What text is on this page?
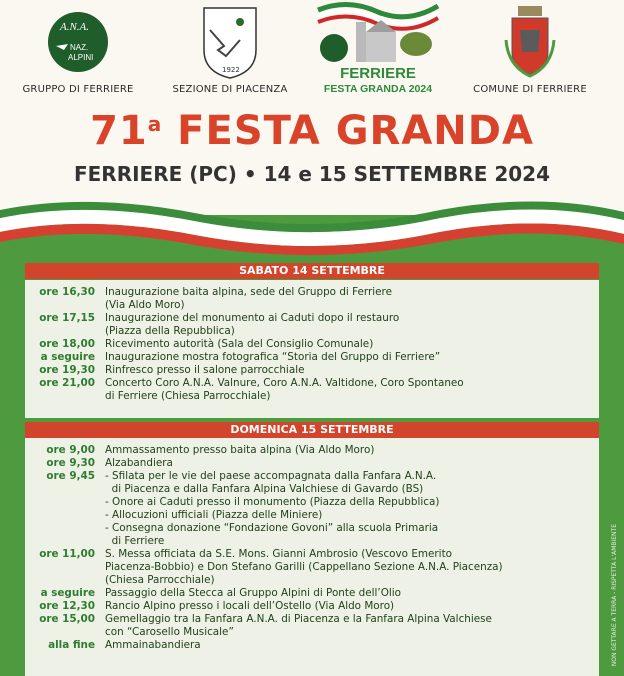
A.N.A.
NAZ.
ALPINI
GRUPPO DI FERRIERE
1922
SEZIONE DI PIACENZA
FERRIERE
FESTA GRANDA 2024	COMUNE DI FERRIERE
71$^a$ FESTA GRANDA
FERRIERE (PC) • 14 e 15 SETTEMBRE 2024
SABATO 14 SETTEMBRE
ore 16,30 Inaugurazione baita alpina, sede del Gruppo di Ferriere
(Via Aldo Moro)
ore 17,15 Inaugurazione del monumento ai Caduti dopo il restauro
(Piazza della Repubblica)
ore 18,00 Ricevimento autorità (Sala del Consiglio Comunale)
a seguire Inaugurazione mostra fotografica “Storia del Gruppo di Ferriere”
ore 19,30 Rinfresco presso il salone parrocchiale
ore 21,00 Concerto Coro A.N.A. Valnure, Coro A.N.A. Valtidone, Coro Spontaneo
di Ferriere (Chiesa Parrocchiale)
DOMENICA 15 SETTEMBRE
ore 9,00 Ammassamento presso baita alpina (Via Aldo Moro)
ore 9,30 Alzabandiera
ore 9,45 - Sfilata per le vie del paese accompagnata dalla Fanfara A.N.A.
di Piacenza e dalla Fanfara Alpina Valchiese di Gavardo (BS)
- Onore ai Caduti presso il monumento (Piazza della Repubblica)
- Allocuzioni ufficiali (Piazza delle Miniere)
- Consegna donazione “Fondazione Govoni” alla scuola Primaria
di Ferriere
ore 11,00 S. Messa officiata da S.E. Mons. Gianni Ambrosio (Vescovo Emerito
Piacenza-Bobbio) e Don Stefano Garilli (Cappellano Sezione A.N.A. Piacenza)
(Chiesa Parrocchiale)
a seguire Passaggio della Stecca al Gruppo Alpini di Ponte dell’Olio
ore 12,30 Rancio Alpino presso i locali dell’Ostello (Via Aldo Moro)
ore 15,00 Gemellaggio tra la Fanfara A.N.A. di Piacenza e la Fanfara Alpina Valchiese
con “Carosello Musicale”
alla fine Ammainabandiera	NON GETTARE A TERRA - RISPETTA L'AMBIENTE
